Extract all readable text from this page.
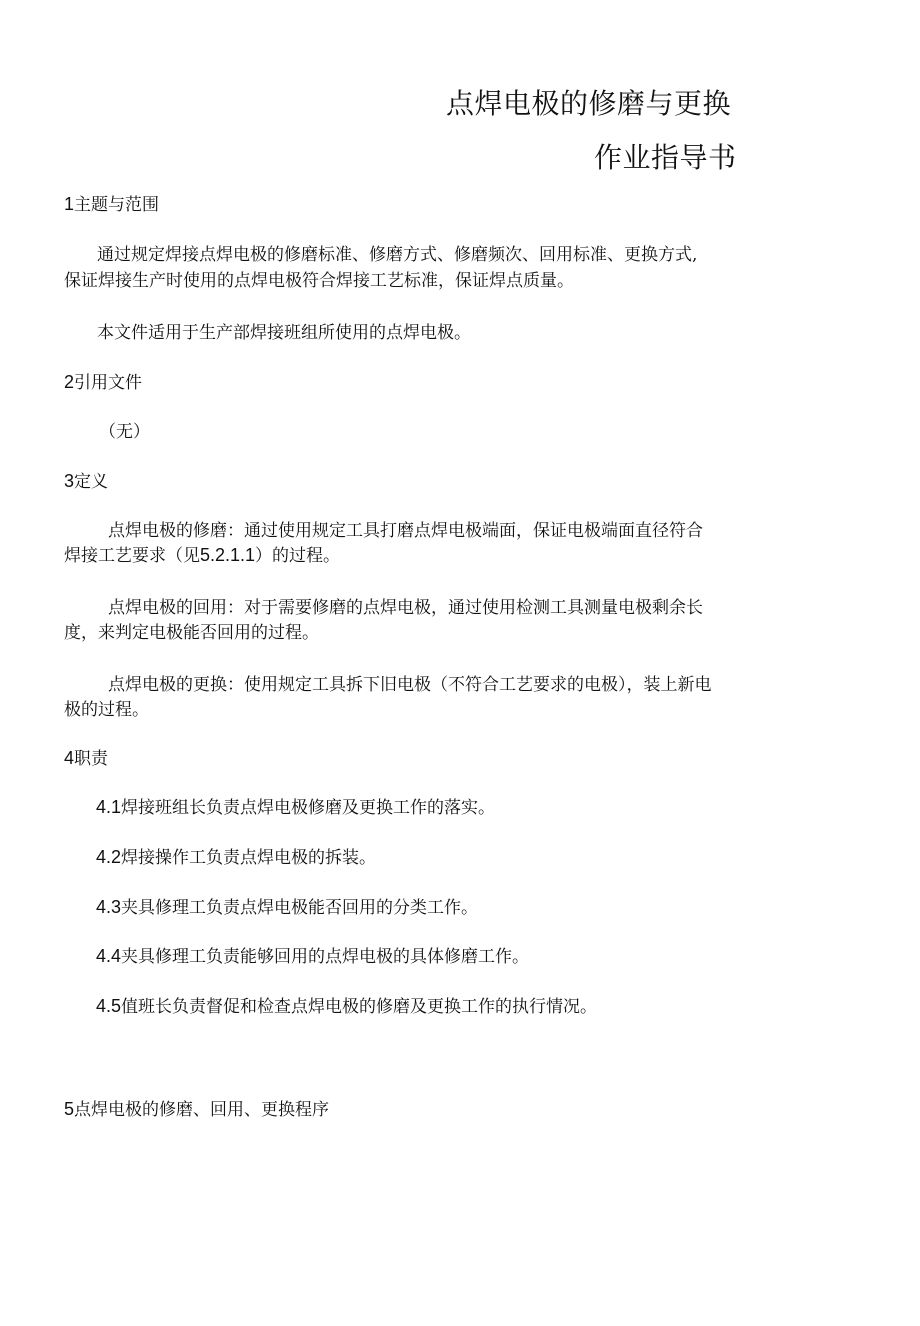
点焊电极的修磨与更换
作业指导书
1主题与范围
通过规定焊接点焊电极的修磨标准、修磨方式、修磨频次、回用标准、更换方式,
保证焊接生产时使用的点焊电极符合焊接工艺标准，保证焊点质量。
本文件适用于生产部焊接班组所使用的点焊电极。
2引用文件
（无）
3定义
点焊电极的修磨：通过使用规定工具打磨点焊电极端面，保证电极端面直径符合
焊接工艺要求（见5.2.1.1）的过程。
点焊电极的回用：对于需要修磨的点焊电极，通过使用检测工具测量电极剩余长
度，来判定电极能否回用的过程。
点焊电极的更换：使用规定工具拆下旧电极（不符合工艺要求的电极），装上新电
极的过程。
4职责
4.1焊接班组长负责点焊电极修磨及更换工作的落实。
4.2焊接操作工负责点焊电极的拆装。
4.3夹具修理工负责点焊电极能否回用的分类工作。
4.4夹具修理工负责能够回用的点焊电极的具体修磨工作。
4.5值班长负责督促和检查点焊电极的修磨及更换工作的执行情况。
5点焊电极的修磨、回用、更换程序
